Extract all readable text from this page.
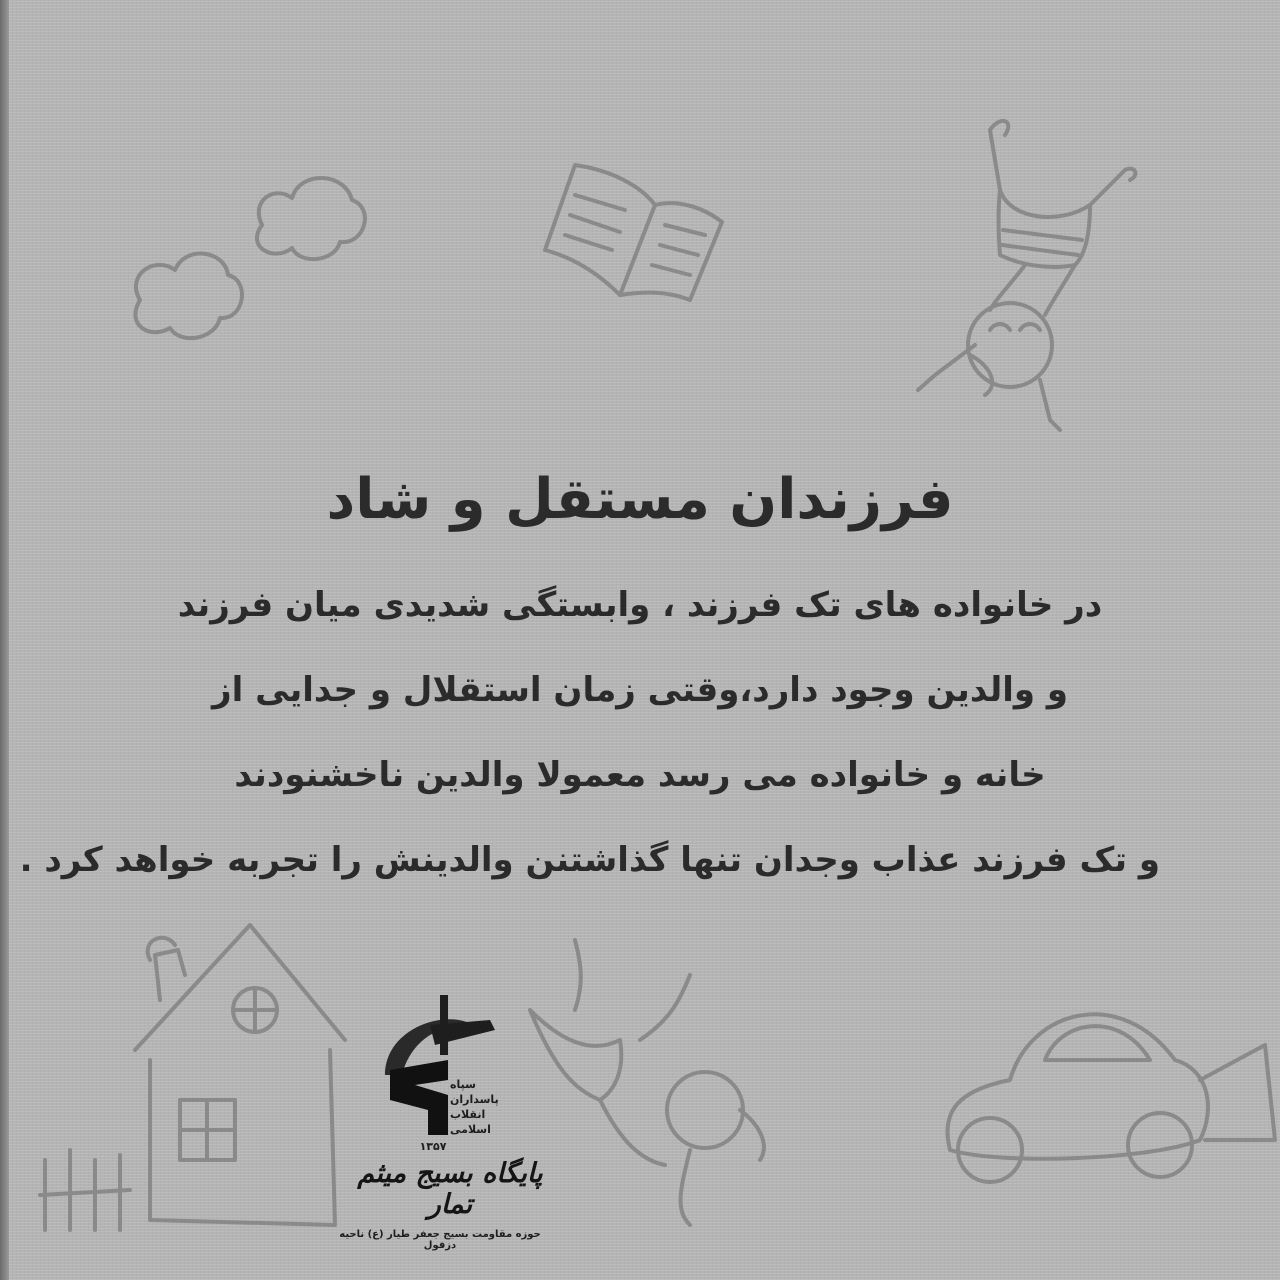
فرزندان مستقل و شاد
در خانواده های تک فرزند ، وابستگی شدیدی میان فرزند
و والدین وجود دارد،وقتی زمان استقلال و جدایی از
خانه و خانواده می رسد معمولا والدین ناخشنودند
و تک فرزند عذاب وجدان تنها گذاشتنن والدینش را تجربه خواهد کرد .
سپاه
پاسداران
انقلاب
اسلامی
۱۳۵۷
پایگاه بسیج میثم تمار
حوزه مقاومت بسیج جعفر طیار (ع) ناحیه دزفول
